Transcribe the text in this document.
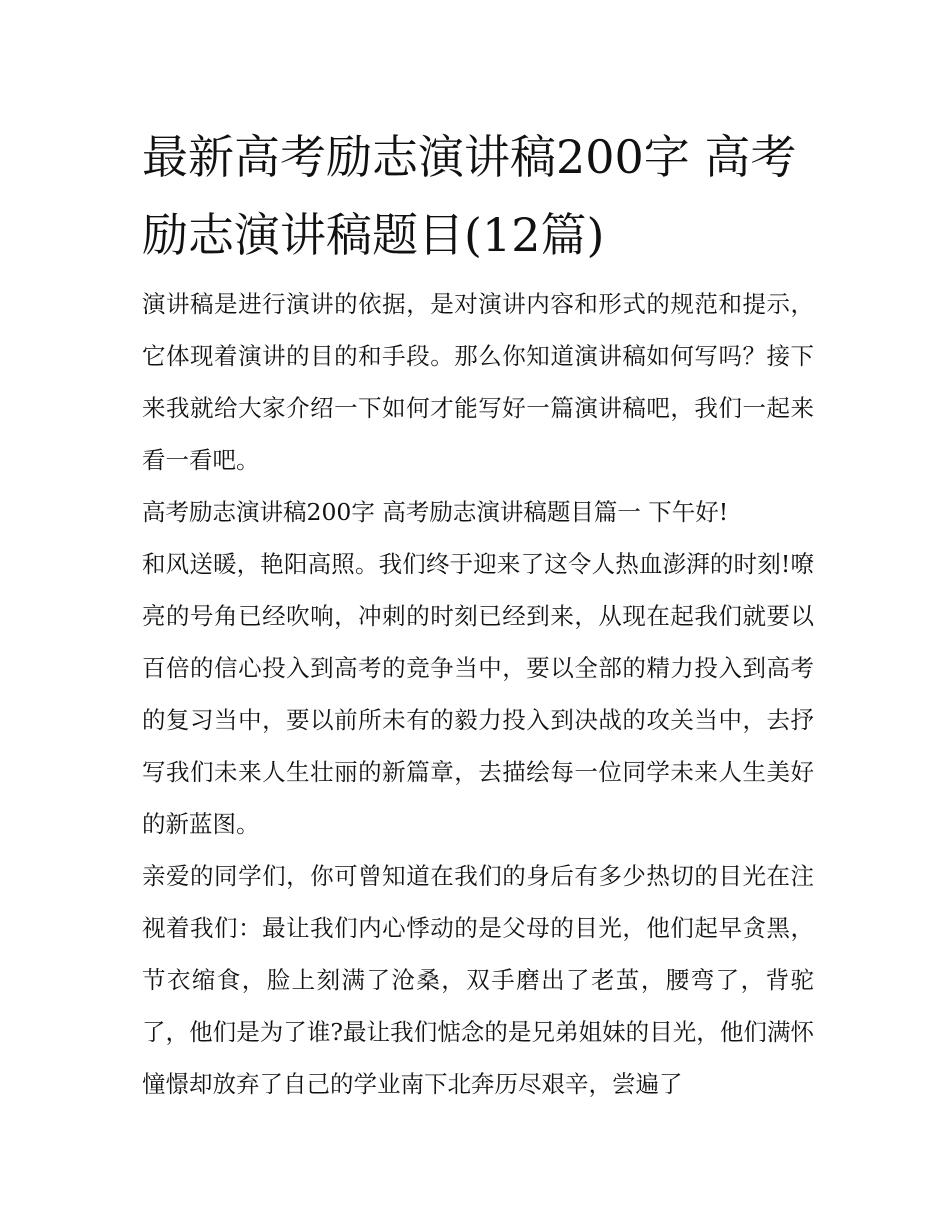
最新高考励志演讲稿200字 高考励志演讲稿题目(12篇)

演讲稿是进行演讲的依据，是对演讲内容和形式的规范和提示，它体现着演讲的目的和手段。那么你知道演讲稿如何写吗？接下来我就给大家介绍一下如何才能写好一篇演讲稿吧，我们一起来看一看吧。

高考励志演讲稿200字 高考励志演讲稿题目篇一 下午好!

和风送暖，艳阳高照。我们终于迎来了这令人热血澎湃的时刻!嘹亮的号角已经吹响，冲刺的时刻已经到来，从现在起我们就要以百倍的信心投入到高考的竞争当中，要以全部的精力投入到高考的复习当中，要以前所未有的毅力投入到决战的攻关当中，去抒写我们未来人生壮丽的新篇章，去描绘每一位同学未来人生美好的新蓝图。

亲爱的同学们，你可曾知道在我们的身后有多少热切的目光在注视着我们：最让我们内心悸动的是父母的目光，他们起早贪黑，节衣缩食，脸上刻满了沧桑，双手磨出了老茧，腰弯了，背驼了，他们是为了谁?最让我们惦念的是兄弟姐妹的目光，他们满怀憧憬却放弃了自己的学业南下北奔历尽艰辛，尝遍了
